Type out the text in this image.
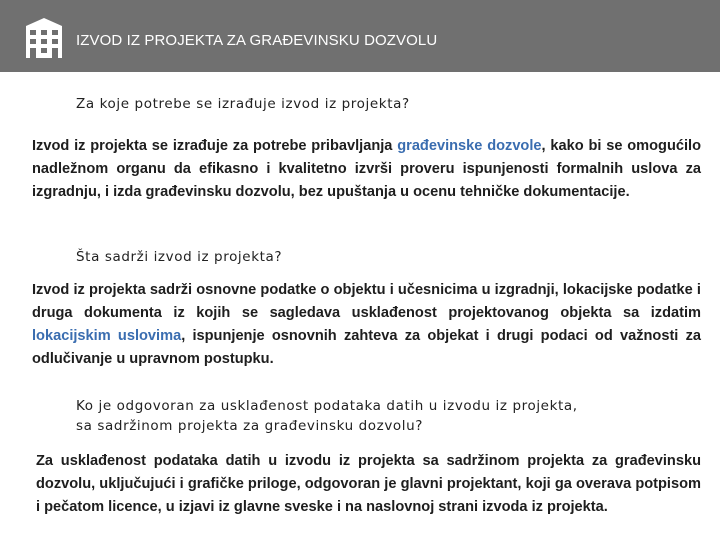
IZVOD IZ PROJEKTA ZA GRAĐEVINSKU DOZVOLU
Za koje potrebe se izrađuje izvod iz projekta?
Izvod iz projekta se izrađuje za potrebe pribavljanja građevinske dozvole, kako bi se omogućilo nadležnom organu da efikasno i kvalitetno izvrši proveru ispunjenosti formalnih uslova za izgradnju, i izda građevinsku dozvolu, bez upuštanja u ocenu tehničke dokumentacije.
Šta sadrži izvod iz projekta?
Izvod iz projekta sadrži osnovne podatke o objektu i učesnicima u izgradnji, lokacijske podatke i druga dokumenta iz kojih se sagledava usklađenost projektovanog objekta sa izdatim lokacijskim uslovima, ispunjenje osnovnih zahteva za objekat i drugi podaci od važnosti za odlučivanje u upravnom postupku.
Ko je odgovoran za usklađenost podataka datih u izvodu iz projekta,
sa sadržinom projekta za građevinsku dozvolu?
Za usklađenost podataka datih u izvodu iz projekta sa sadržinom projekta za građevinsku dozvolu, uključujući i grafičke priloge, odgovoran je glavni projektant, koji ga overava potpisom i pečatom licence, u izjavi iz glavne sveske i na naslovnoj strani izvoda iz projekta.
